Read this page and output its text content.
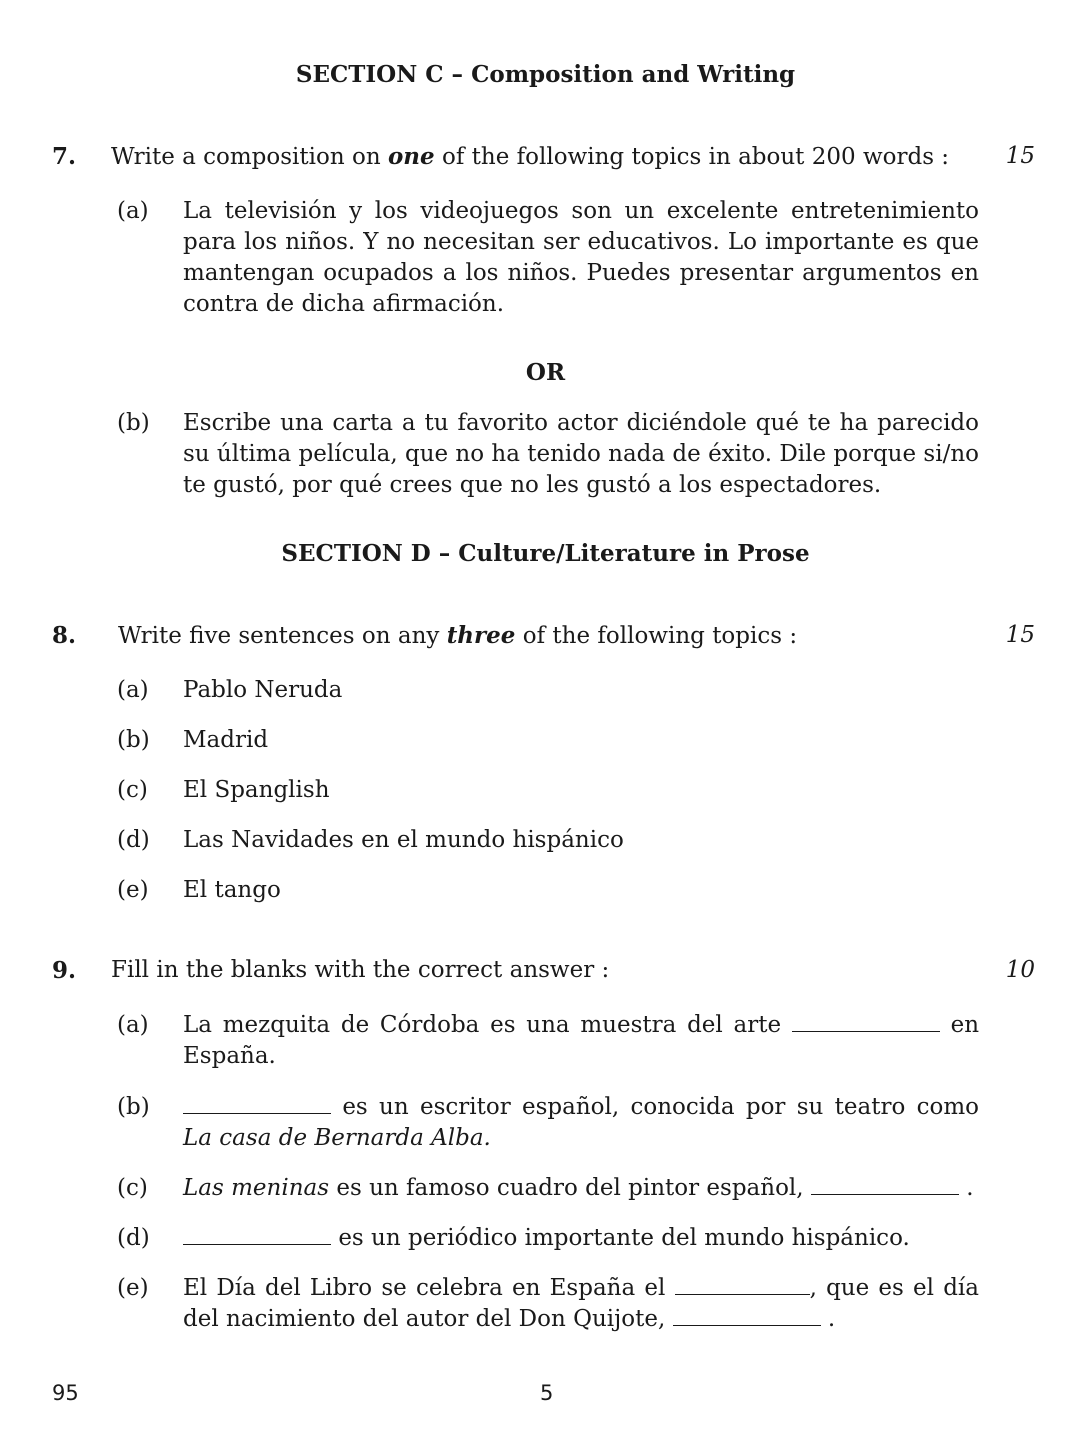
SECTION C – Composition and Writing
7. Write a composition on one of the following topics in about 200 words :	15
(a) La televisión y los videojuegos son un excelente entretenimiento para los niños. Y no necesitan ser educativos. Lo importante es que mantengan ocupados a los niños. Puedes presentar argumentos en contra de dicha afirmación.
OR
(b) Escribe una carta a tu favorito actor diciéndole qué te ha parecido su última película, que no ha tenido nada de éxito. Dile porque si/no te gustó, por qué crees que no les gustó a los espectadores.
SECTION D – Culture/Literature in Prose
8. Write five sentences on any three of the following topics :	15
(a) Pablo Neruda
(b) Madrid
(c) El Spanglish
(d) Las Navidades en el mundo hispánico
(e) El tango
9. Fill in the blanks with the correct answer :	10
(a) La mezquita de Córdoba es una muestra del arte	en España.
(b)	es un escritor español, conocida por su teatro como La casa de Bernarda Alba.
(c) Las meninas es un famoso cuadro del pintor español,	.
(d)	es un periódico importante del mundo hispánico.
(e) El Día del Libro se celebra en España el	, que es el día del nacimiento del autor del Don Quijote,	.
95	5
